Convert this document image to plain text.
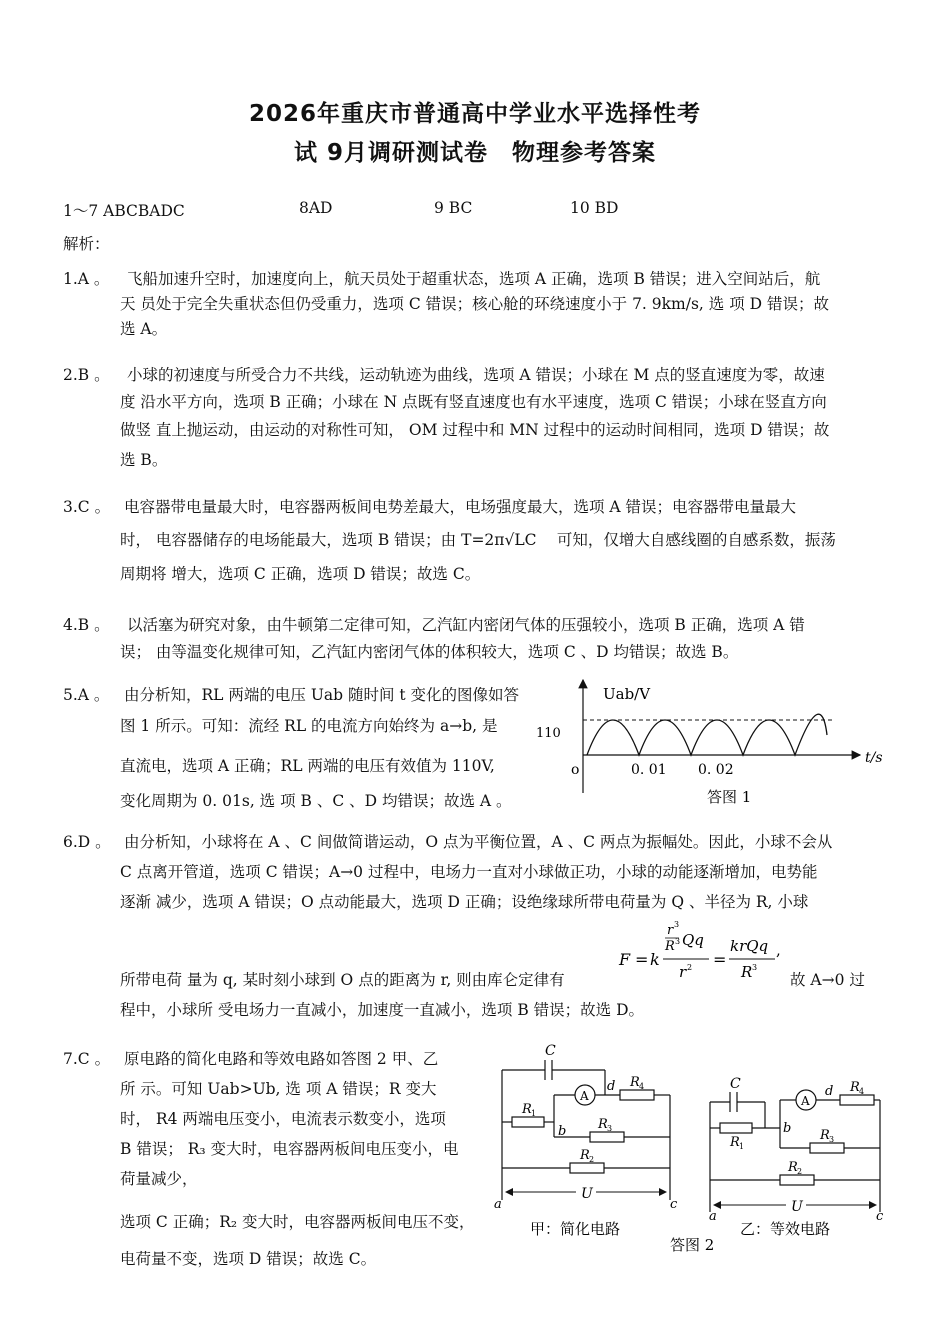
2026年重庆市普通高中学业水平选择性考
试 9月调研测试卷　物理参考答案
1～7 ABCBADC	8AD	9 BC	10 BD
解析：
1.A 。 飞船加速升空时，加速度向上，航天员处于超重状态，选项 A 正确，选项 B 错误；进入空间站后，航
天 员处于完全失重状态但仍受重力，选项 C 错误；核心舱的环绕速度小于 7. 9km/s, 选 项 D 错误；故
选 A。
2.B 。 小球的初速度与所受合力不共线，运动轨迹为曲线，选项 A 错误；小球在 M 点的竖直速度为零，故速
度 沿水平方向，选项 B 正确；小球在 N 点既有竖直速度也有水平速度，选项 C 错误；小球在竖直方向
做竖 直上抛运动，由运动的对称性可知， OM 过程中和 MN 过程中的运动时间相同，选项 D 错误；故
选 B。
3.C 。 电容器带电量最大时，电容器两板间电势差最大，电场强度最大，选项 A 错误；电容器带电量最大
时， 电容器储存的电场能最大，选项 B 错误；由 T=2π√LC　 可知，仅增大自感线圈的自感系数，振荡
周期将 增大，选项 C 正确，选项 D 错误；故选 C。
4.B 。 以活塞为研究对象，由牛顿第二定律可知，乙汽缸内密闭气体的压强较小，选项 B 正确，选项 A 错
误； 由等温变化规律可知，乙汽缸内密闭气体的体积较大，选项 C 、D 均错误；故选 B。
5.A 。 由分析知，RL 两端的电压 Uab 随时间 t 变化的图像如答
图 1 所示。可知：流经 RL 的电流方向始终为 a→b, 是
直流电，选项 A 正确；RL 两端的电压有效值为 110V,
变化周期为 0. 01s, 选 项 B 、C 、D 均错误；故选 A 。
Uab/V
t/s
110
o	0. 01 0. 02
答图 1
6.D 。 由分析知，小球将在 A 、C 间做简谐运动，O 点为平衡位置，A 、C 两点为振幅处。因此，小球不会从
C 点离开管道，选项 C 错误；A→0 过程中，电场力一直对小球做正功，小球的动能逐渐增加，电势能
逐渐 减少，选项 A 错误；O 点动能最大，选项 D 正确；设绝缘球所带电荷量为 Q 、半径为 R, 小球
所带电荷 量为 q, 某时刻小球到 O 点的距离为 r, 则由库仑定律有	故 A→0 过
程中，小球所 受电场力一直减小，加速度一直减小，选项 B 错误；故选 D。
F = k
r 3
R 3 Qq
r 2 =
krQq
R 3
,
7.C 。 原电路的简化电路和等效电路如答图 2 甲、乙
所 示。可知 Uab>Ub, 选 项 A 错误；R 变大
时， R4 两端电压变小，电流表示数变小，选项
B 错误； R₃ 变大时，电容器两板间电压变小，电
荷量减少，
选项 C 正确；R₂ 变大时，电容器两板间电压不变，
电荷量不变，选项 D 错误；故选 C。
C
A
d R 4
R 1
b R 3
R 2
U
a	c
甲：简化电路
C
A
d R 4
R 1
b R 3
R 2
U
a	c
乙：等效电路
答图 2
